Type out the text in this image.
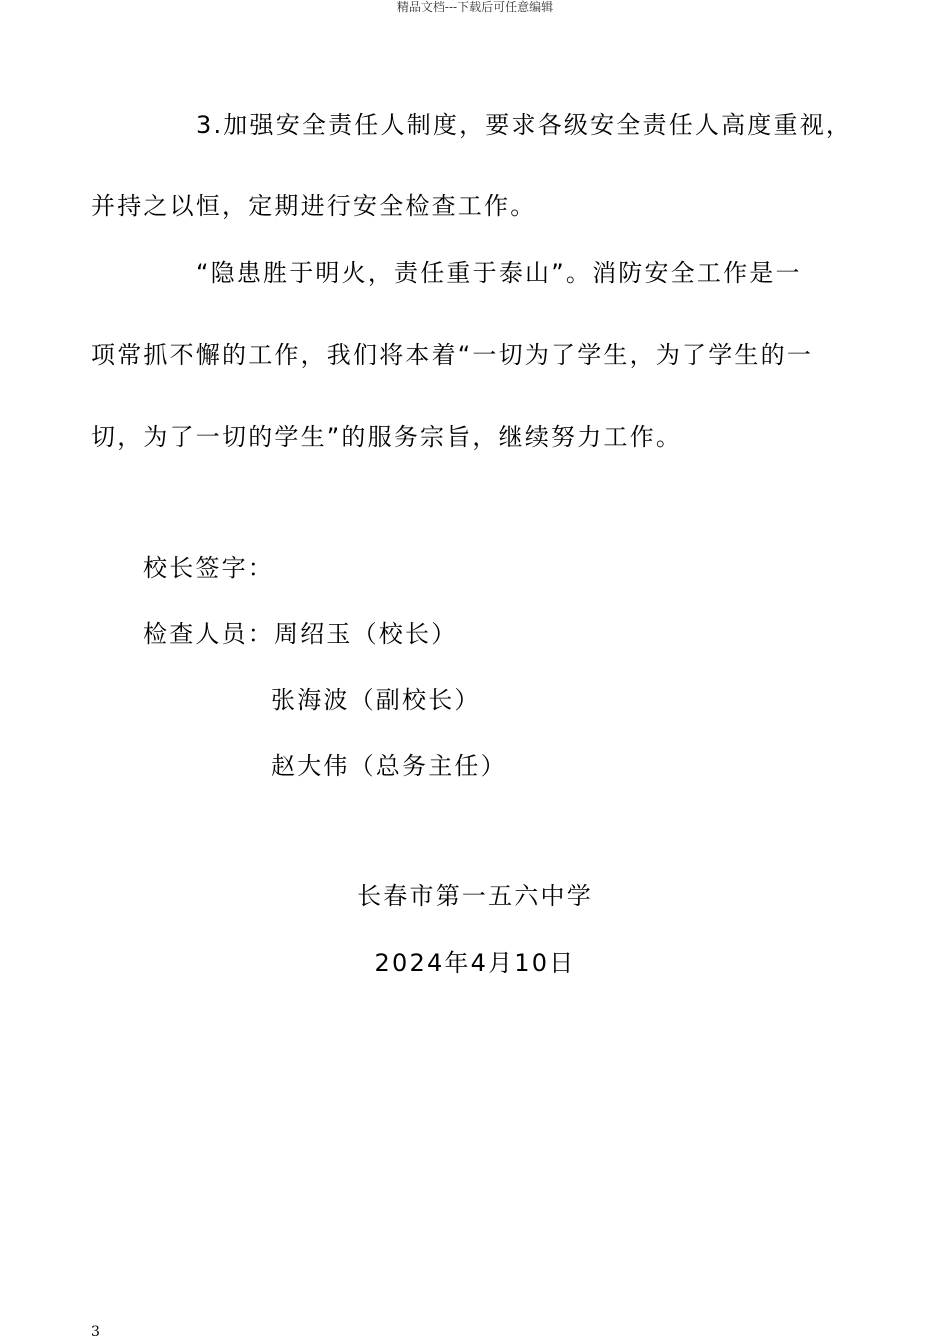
精品文档---下载后可任意编辑
3.加强安全责任人制度，要求各级安全责任人高度重视，
并持之以恒，定期进行安全检查工作。
“隐患胜于明火，责任重于泰山”。消防安全工作是一
项常抓不懈的工作，我们将本着“一切为了学生，为了学生的一
切，为了一切的学生”的服务宗旨，继续努力工作。
校长签字：
检查人员：周绍玉（校长）
张海波（副校长）
赵大伟（总务主任）
长春市第一五六中学
2024年4月10日
3
